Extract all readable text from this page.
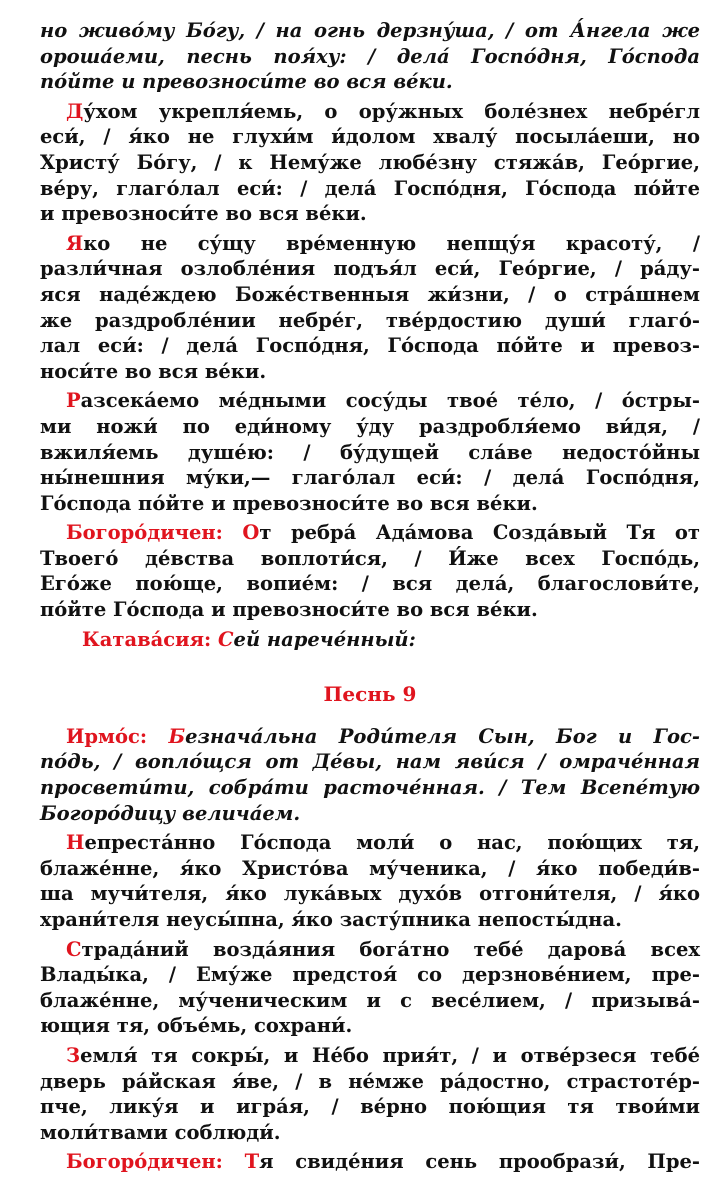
но живо́му Бо́гу, / на огнь дерзну́ша, / от А́нгела же
ороша́еми, песнь поя́ху: / дела́ Госпо́дня, Го́спода
по́йте и превозноси́те во вся ве́ки.
Ду́хом укрепля́емь, о ору́жных боле́знех небре́гл
еси́, / я́ко не глухи́м и́долом хвалу́ посыла́еши, но
Христу́ Бо́гу, / к Нему́же любе́зну стяжа́в, Гео́ргие,
ве́ру, глаго́лал еси́: / дела́ Госпо́дня, Го́спода по́йте
и превозноси́те во вся ве́ки.
Яко не су́щу вре́менную непщу́я красоту́, /
разли́чная озлобле́ния подъя́л еси́, Гео́ргие, / ра́ду-
яся наде́ждею Боже́ственныя жи́зни, / о стра́шнем
же раздробле́нии небре́г, тве́рдостию души́ глаго́-
лал еси́: / дела́ Госпо́дня, Го́спода по́йте и превоз-
носи́те во вся ве́ки.
Разсека́емо ме́дными сосу́ды твое́ те́ло, / о́стры-
ми ножи́ по еди́ному у́ду раздробля́емо ви́дя, /
вжиля́емь душе́ю: / бу́дущей сла́ве недосто́йны
ны́нешния му́ки,— глаго́лал еси́: / дела́ Госпо́дня,
Го́спода по́йте и превозноси́те во вся ве́ки.
Богоро́дичен: От ребра́ Ада́мова Созда́вый Тя от
Твоего́ де́вства воплоти́ся, / И́же всех Госпо́дь,
Его́же пою́ще, вопие́м: / вся дела́, благослови́те,
по́йте Го́спода и превозноси́те во вся ве́ки.
Катава́сия: Сей нарече́нный:
Песнь 9
Ирмо́с: Безнача́льна Роди́теля Сын, Бог и Гос-
по́дь, / вопло́щся от Де́вы, нам яви́ся / омраче́нная
просвети́ти, собра́ти расточе́нная. / Тем Всепе́тую
Богоро́дицу велича́ем.
Непреста́нно Го́спода моли́ о нас, пою́щих тя,
блаже́нне, я́ко Христо́ва му́ченика, / я́ко победи́в-
ша мучи́теля, я́ко лука́вых духо́в отгони́теля, / я́ко
храни́теля неусы́пна, я́ко засту́пника непосты́дна.
Страда́ний возда́яния бога́тно тебе́ дарова́ всех
Влады́ка, / Ему́же предстоя́ со дерзнове́нием, пре-
блаже́нне, му́ченическим и с весе́лием, / призыва́-
ющия тя, объе́мь, сохрани́.
Земля́ тя сокры́, и Не́бо прия́т, / и отве́рзеся тебе́
дверь ра́йская я́ве, / в не́мже ра́достно, страстоте́р-
пче, лику́я и игра́я, / ве́рно пою́щия тя твои́ми
моли́твами соблюди́.
Богоро́дичен: Тя свиде́ния сень прообрази́, Пре-
